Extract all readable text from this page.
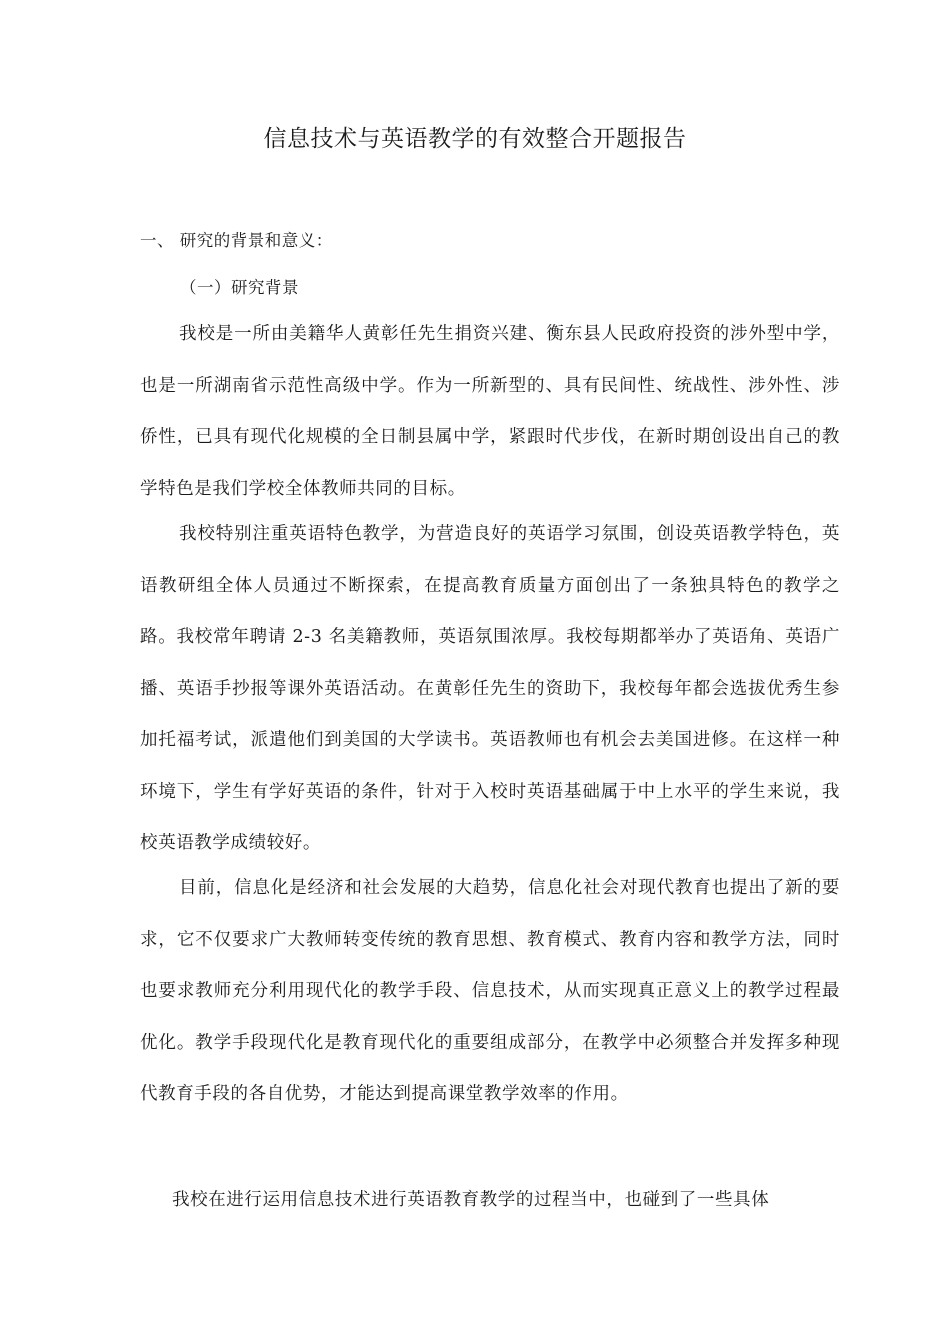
信息技术与英语教学的有效整合开题报告
一、 研究的背景和意义：
（一）研究背景

我校是一所由美籍华人黄彰任先生捐资兴建、衡东县人民政府投资的涉外型中学，也是一所湖南省示范性高级中学。作为一所新型的、具有民间性、统战性、涉外性、涉侨性，已具有现代化规模的全日制县属中学，紧跟时代步伐，在新时期创设出自己的教学特色是我们学校全体教师共同的目标。

我校特别注重英语特色教学，为营造良好的英语学习氛围，创设英语教学特色，英语教研组全体人员通过不断探索，在提高教育质量方面创出了一条独具特色的教学之路。我校常年聘请 2-3 名美籍教师，英语氛围浓厚。我校每期都举办了英语角、英语广播、英语手抄报等课外英语活动。在黄彰任先生的资助下，我校每年都会选拔优秀生参加托福考试，派遣他们到美国的大学读书。英语教师也有机会去美国进修。在这样一种环境下，学生有学好英语的条件，针对于入校时英语基础属于中上水平的学生来说，我校英语教学成绩较好。

目前，信息化是经济和社会发展的大趋势，信息化社会对现代教育也提出了新的要求，它不仅要求广大教师转变传统的教育思想、教育模式、教育内容和教学方法，同时也要求教师充分利用现代化的教学手段、信息技术，从而实现真正意义上的教学过程最优化。教学手段现代化是教育现代化的重要组成部分，在教学中必须整合并发挥多种现代教育手段的各自优势，才能达到提高课堂教学效率的作用。

我校在进行运用信息技术进行英语教育教学的过程当中，也碰到了一些具体
